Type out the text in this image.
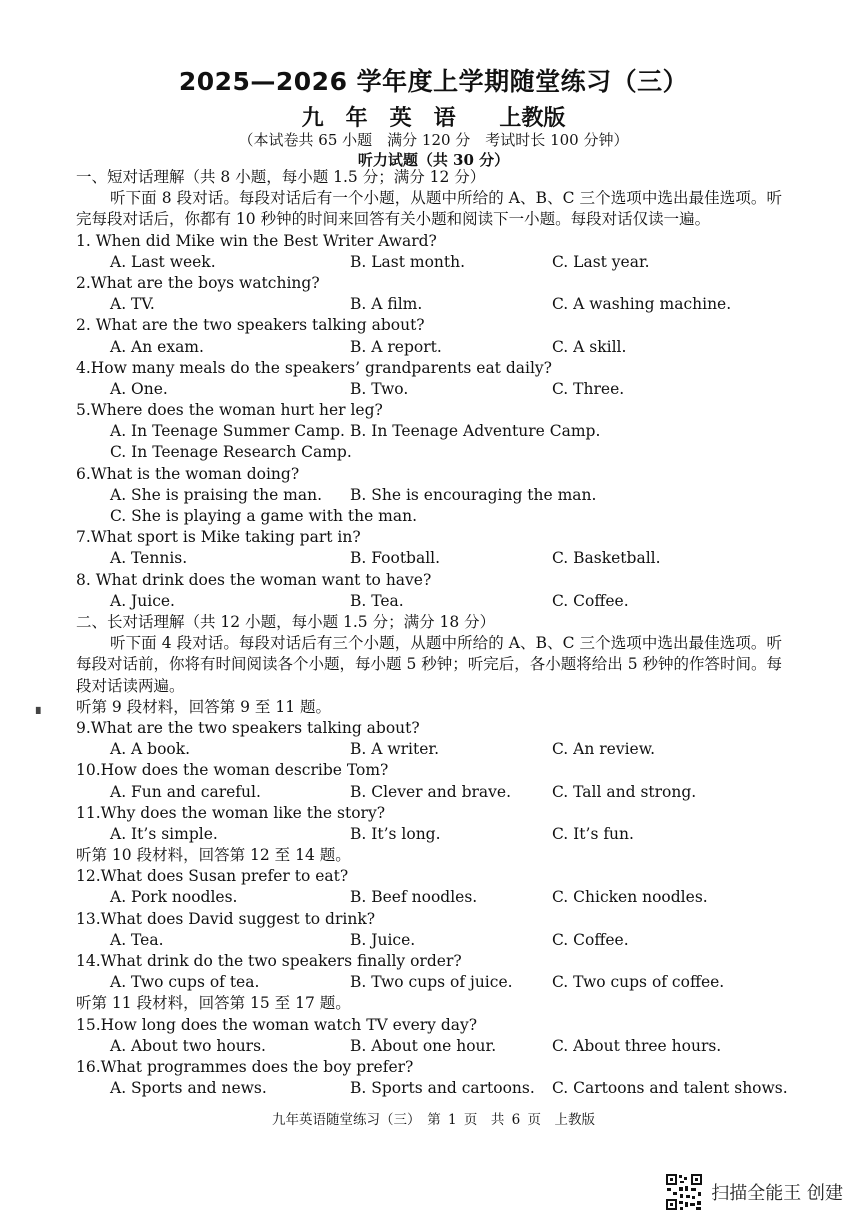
2025—2026 学年度上学期随堂练习（三）
九　年　英　语　 上教版
（本试卷共 65 小题　满分 120 分　考试时长 100 分钟）
听力试题（共 30 分）
▖
一、短对话理解（共 8 小题，每小题 1.5 分；满分 12 分）
听下面 8 段对话。每段对话后有一个小题，从题中所给的 A、B、C 三个选项中选出最佳选项。听完每段对话后，你都有 10 秒钟的时间来回答有关小题和阅读下一小题。每段对话仅读一遍。
1. When did Mike win the Best Writer Award?
A. Last week.	B. Last month.	C. Last year.
2.What are the boys watching?
A. TV.	B. A film.	C. A washing machine.
2. What are the two speakers talking about?
A. An exam.	B. A report.	C. A skill.
4.How many meals do the speakers’ grandparents eat daily?
A. One.	B. Two.	C. Three.
5.Where does the woman hurt her leg?
A. In Teenage Summer Camp. B. In Teenage Adventure Camp.
C. In Teenage Research Camp.
6.What is the woman doing?
A. She is praising the man. B. She is encouraging the man.
C. She is playing a game with the man.
7.What sport is Mike taking part in?
A. Tennis.	B. Football.	C. Basketball.
8. What drink does the woman want to have?
A. Juice.	B. Tea.	C. Coffee.
二、长对话理解（共 12 小题，每小题 1.5 分；满分 18 分）
听下面 4 段对话。每段对话后有三个小题，从题中所给的 A、B、C 三个选项中选出最佳选项。听每段对话前，你将有时间阅读各个小题，每小题 5 秒钟；听完后，各小题将给出 5 秒钟的作答时间。每段对话读两遍。
听第 9 段材料，回答第 9 至 11 题。
9.What are the two speakers talking about?
A. A book.	B. A writer.	C. An review.
10.How does the woman describe Tom?
A. Fun and careful.	B. Clever and brave.	C. Tall and strong.
11.Why does the woman like the story?
A. It’s simple.	B. It’s long.	C. It’s fun.
听第 10 段材料，回答第 12 至 14 题。
12.What does Susan prefer to eat?
A. Pork noodles.	B. Beef noodles.	C. Chicken noodles.
13.What does David suggest to drink?
A. Tea.	B. Juice.	C. Coffee.
14.What drink do the two speakers finally order?
A. Two cups of tea.	B. Two cups of juice.	C. Two cups of coffee.
听第 11 段材料，回答第 15 至 17 题。
15.How long does the woman watch TV every day?
A. About two hours.	B. About one hour.	C. About three hours.
16.What programmes does the boy prefer?
A. Sports and news.	B. Sports and cartoons. C. Cartoons and talent shows.
九年英语随堂练习（三）　第 1 页　共 6 页　上教版
扫描全能王 创建
